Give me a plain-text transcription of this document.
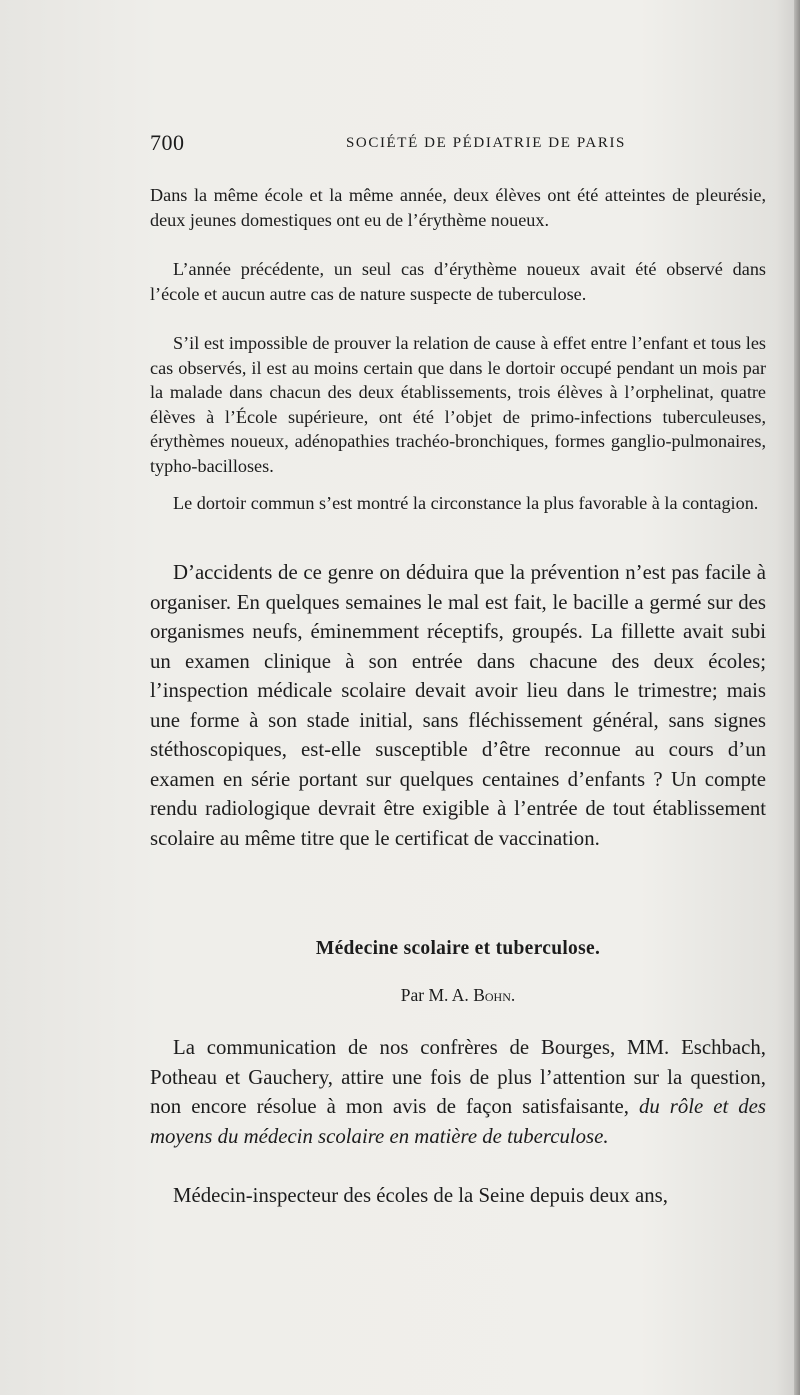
700	SOCIÉTÉ DE PÉDIATRIE DE PARIS

Dans la même école et la même année, deux élèves ont été atteintes de pleurésie, deux jeunes domestiques ont eu de l’érythème noueux.

L’année précédente, un seul cas d’érythème noueux avait été observé dans l’école et aucun autre cas de nature suspecte de tuberculose.

S’il est impossible de prouver la relation de cause à effet entre l’enfant et tous les cas observés, il est au moins certain que dans le dortoir occupé pendant un mois par la malade dans chacun des deux établissements, trois élèves à l’orphelinat, quatre élèves à l’École supérieure, ont été l’objet de primo-infections tuberculeuses, érythèmes noueux, adénopathies trachéo-bronchiques, formes ganglio-pulmonaires, typho-bacilloses.

Le dortoir commun s’est montré la circonstance la plus favorable à la contagion.

D’accidents de ce genre on déduira que la prévention n’est pas facile à organiser. En quelques semaines le mal est fait, le bacille a germé sur des organismes neufs, éminemment réceptifs, groupés. La fillette avait subi un examen clinique à son entrée dans chacune des deux écoles; l’inspection médicale scolaire devait avoir lieu dans le trimestre; mais une forme à son stade initial, sans fléchissement général, sans signes stéthoscopiques, est-elle susceptible d’être reconnue au cours d’un examen en série portant sur quelques centaines d’enfants ? Un compte rendu radiologique devrait être exigible à l’entrée de tout établissement scolaire au même titre que le certificat de vaccination.

Médecine scolaire et tuberculose.

Par M. A. Bohn.

La communication de nos confrères de Bourges, MM. Eschbach, Potheau et Gauchery, attire une fois de plus l’attention sur la question, non encore résolue à mon avis de façon satisfaisante, du rôle et des moyens du médecin scolaire en matière de tuberculose.

Médecin-inspecteur des écoles de la Seine depuis deux ans,
